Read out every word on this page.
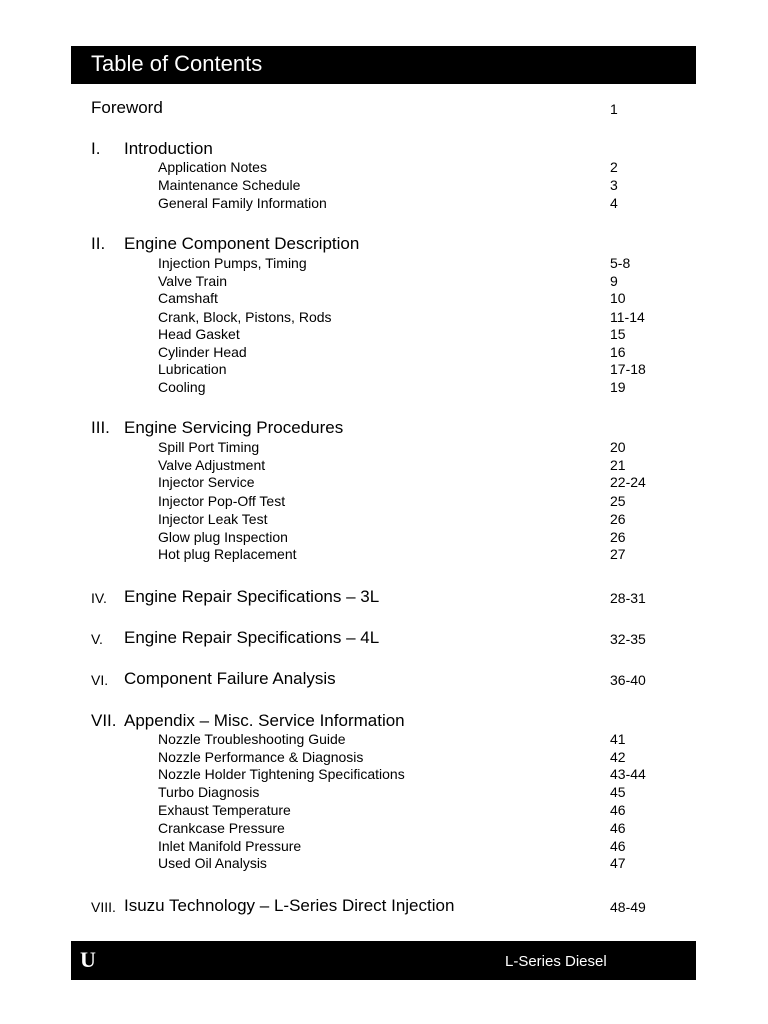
Table of Contents
Foreword	1
I. Introduction
Application Notes	2
Maintenance Schedule	3
General Family Information	4
II. Engine Component Description
Injection Pumps, Timing	5-8
Valve Train	9
Camshaft	10
Crank, Block, Pistons, Rods	11-14
Head Gasket	15
Cylinder Head	16
Lubrication	17-18
Cooling	19
III. Engine Servicing Procedures
Spill Port Timing	20
Valve Adjustment	21
Injector Service	22-24
Injector Pop-Off Test	25
Injector Leak Test	26
Glow plug Inspection	26
Hot plug Replacement	27
IV. Engine Repair Specifications – 3L	28-31
V. Engine Repair Specifications – 4L	32-35
VI. Component Failure Analysis	36-40
VII. Appendix – Misc. Service Information
Nozzle Troubleshooting Guide	41
Nozzle Performance & Diagnosis	42
Nozzle Holder Tightening Specifications	43-44
Turbo Diagnosis	45
Exhaust Temperature	46
Crankcase Pressure	46
Inlet Manifold Pressure	46
Used Oil Analysis	47
VIII. Isuzu Technology – L-Series Direct Injection	48-49
U	L-Series Diesel
